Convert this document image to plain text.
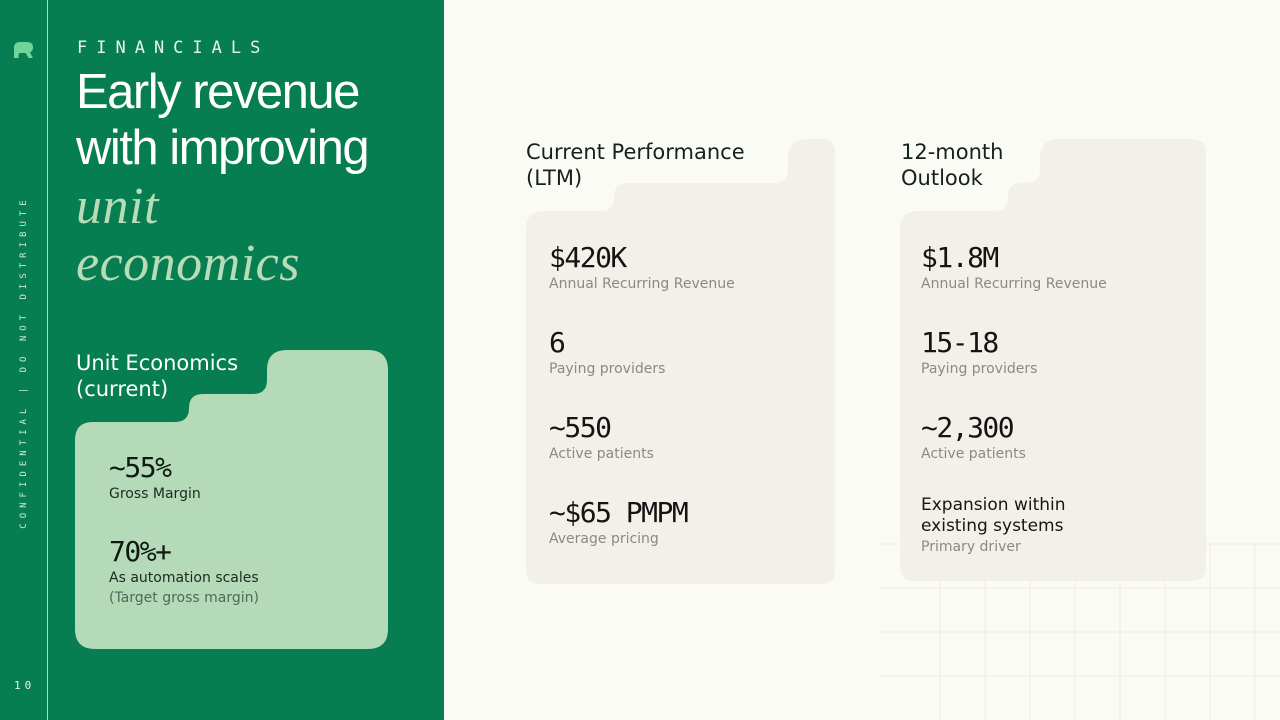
CONFIDENTIAL | DO NOT DISTRIBUTE
10
FINANCIALS
Early revenue
with improving
unit
economics
Unit Economics
(current)
~55%
Gross Margin
70%+
As automation scales
(Target gross margin)
Current Performance
(LTM)
$420K
Annual Recurring Revenue
6
Paying providers
~550
Active patients
~$65 PMPM
Average pricing
12-month
Outlook
$1.8M
Annual Recurring Revenue
15-18
Paying providers
~2,300
Active patients
Expansion within
existing systems
Primary driver
